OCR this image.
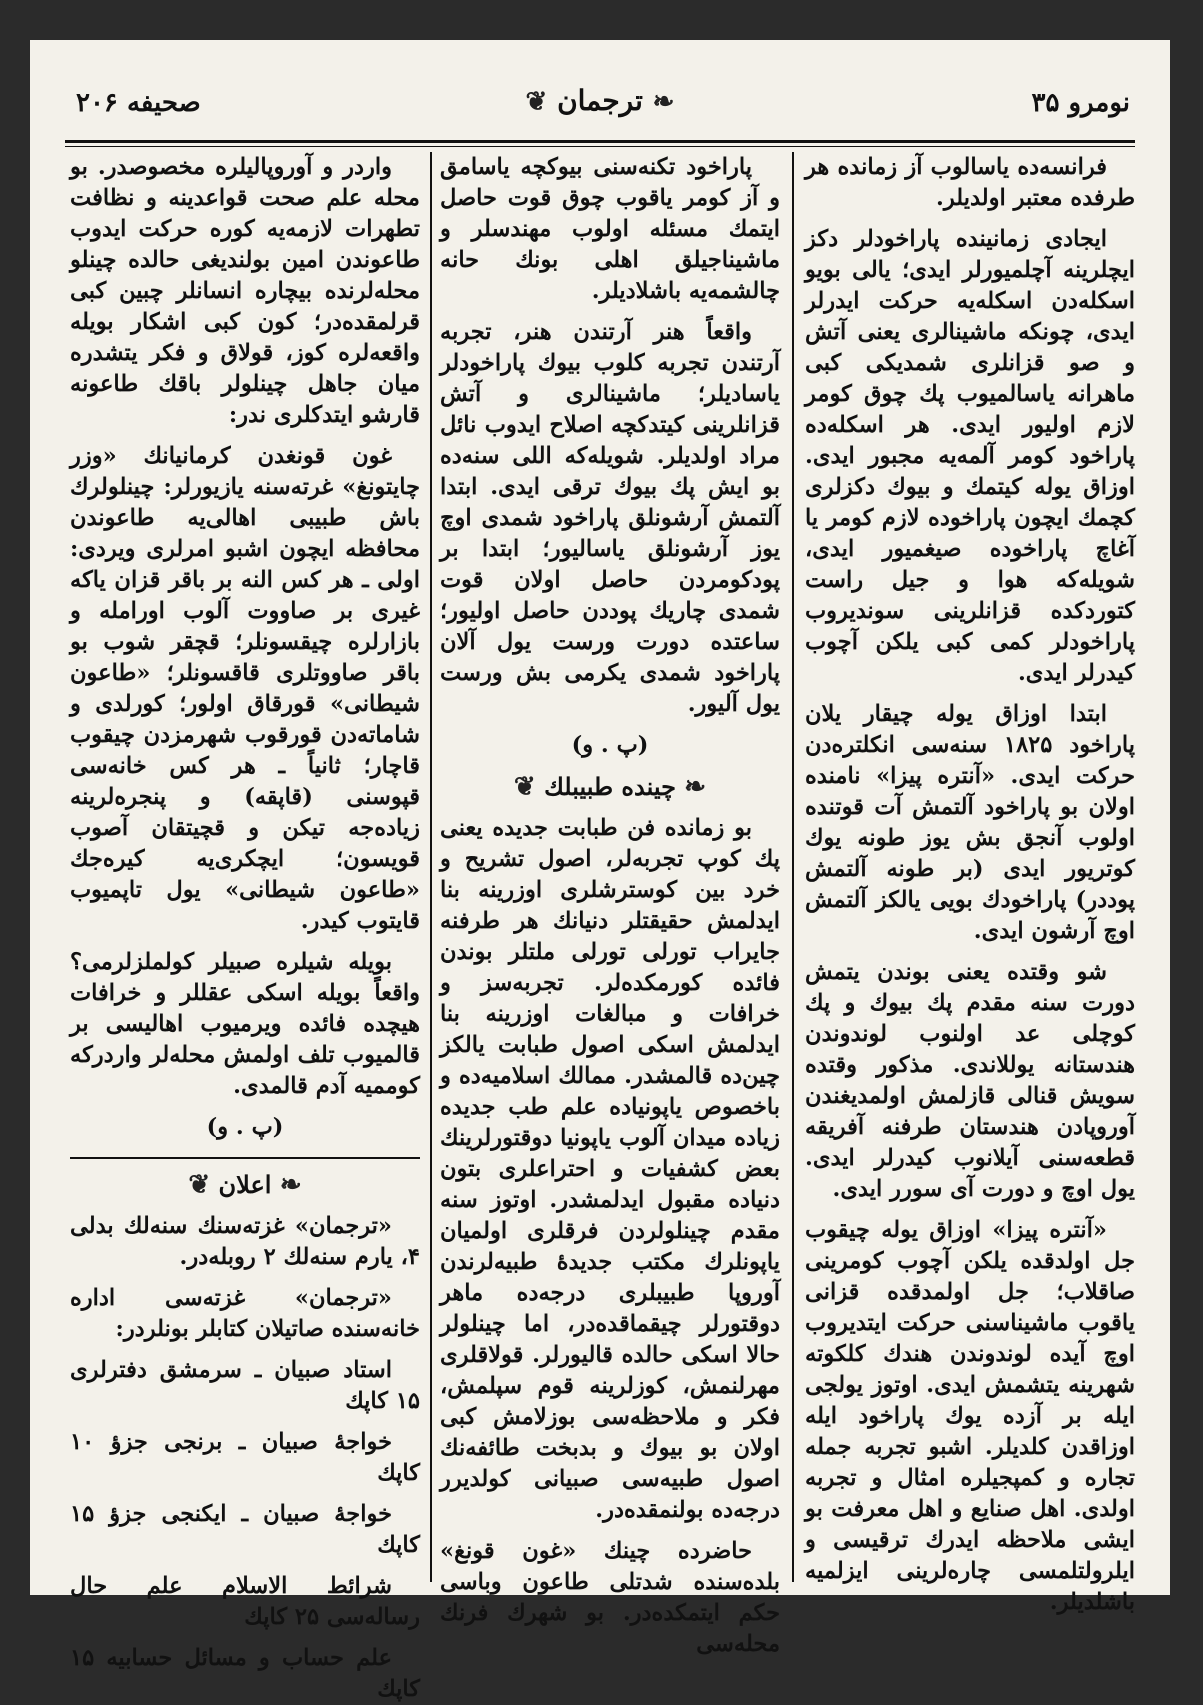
نومرو ۳۵
❧ ترجمان ❦
صحیفه ۲۰۶

فرانسه‌ده یاسالوب آز زمانده هر طرفده معتبر اولدیلر.

ایجادی زمانینده پاراخودلر دکز ایچلرینه آچلمیورلر ایدی؛ یالی بویو اسکله‌دن اسکله‌یه حرکت ایدرلر ایدی، چونکه ماشینالری یعنی آتش و صو قزانلری شمدیکی کبی ماهرانه یاسالمیوب پك چوق کومر لازم اولیور ایدی. هر اسکله‌ده پاراخود کومر آلمه‌یه مجبور ایدی. اوزاق یوله کیتمك و بیوك دکزلری کچمك ایچون پاراخوده لازم کومر یا آغاچ پاراخوده صیغمیور ایدی، شویله‌که هوا و جیل راست کتوردکده قزانلرینی سوندیروب پاراخودلر کمی کبی یلکن آچوب کیدرلر ایدی.

ابتدا اوزاق یوله چیقار یلان پاراخود ۱۸۲۵ سنه‌سی انکلتره‌دن حرکت ایدی. «آنتره پیزا» نامنده اولان بو پاراخود آلتمش آت قوتنده اولوب آنجق بش یوز طونه یوك کوتریور ایدی (بر طونه آلتمش پوددر) پاراخودك بویی یالکز آلتمش اوچ آرشون ایدی.

شو وقتده یعنی بوندن یتمش دورت سنه مقدم پك بیوك و پك کوچلی عد اولنوب لوندوندن هندستانه یوللاندی. مذکور وقتده سویش قنالی قازلمش اولمدیغندن آوروپادن هندستان طرفنه آفریقه قطعه‌سنی آیلانوب کیدرلر ایدی. یول اوچ و دورت آی سورر ایدی.

«آنتره پیزا» اوزاق یوله چیقوب جل اولدقده یلکن آچوب کومرینی صاقلاب؛ جل اولمدقده قزانی یاقوب ماشیناسنی حرکت ایتدیروب اوچ آیده لوندوندن هندك کلکوته شهرینه یتشمش ایدی. اوتوز یولجی ایله بر آزده یوك پاراخود ایله اوزاقدن کلدیلر. اشبو تجربه جمله تجاره و کمپجیلره امثال و تجربه اولدی. اهل صنایع و اهل معرفت بو ایشی ملاحظه ایدرك ترقیسی و ایلرولتلمسی چاره‌لرینی ایزلمیه باشلدیلر.

پاراخود تکنه‌سنی بیوکچه یاسامق و آز کومر یاقوب چوق قوت حاصل ایتمك مسئله اولوب مهندسلر و ماشیناجیلق اهلی بونك حانه چالشمه‌یه باشلادیلر.

واقعاً هنر آرتندن هنر، تجربه آرتندن تجربه کلوب بیوك پاراخودلر یاسادیلر؛ ماشینالری و آتش قزانلرینی کیتدکچه اصلاح ایدوب نائل مراد اولدیلر. شویله‌که اللی سنه‌ده بو ایش پك بیوك ترقی ایدی. ابتدا آلتمش آرشونلق پاراخود شمدی اوچ یوز آرشونلق یاسالیور؛ ابتدا بر پودکومردن حاصل اولان قوت شمدی چاریك پوددن حاصل اولیور؛ ساعتده دورت ورست یول آلان پاراخود شمدی یکرمی بش ورست یول آلیور.

(پ . و)
❧ چینده طبیبلك ❦

بو زمانده فن طبابت جدیده یعنی پك کوپ تجربه‌لر، اصول تشریح و خرد بین کوسترشلری اوزرینه بنا ایدلمش حقیقتلر دنیانك هر طرفنه جایراب تورلی تورلی ملتلر بوندن فائده کورمکده‌لر. تجربه‌سز و خرافات و مبالغات اوزرینه بنا ایدلمش اسکی اصول طبابت یالکز چین‌ده قالمشدر. ممالك اسلامیه‌ده و باخصوص یاپونیاده علم طب جدیده زیاده میدان آلوب یاپونیا دوقتورلرینك بعض کشفیات و احتراعلری بتون دنیاده مقبول ایدلمشدر. اوتوز سنه مقدم چینلولردن فرقلری اولمیان یاپونلرك مکتب جدیدهٔ طبیه‌لرندن آوروپا طبیبلری درجه‌ده ماهر دوقتورلر چیقماقده‌در، اما چینلولر حالا اسکی حالده قالیورلر. قولاقلری مهرلنمش، کوزلرینه قوم سپلمش، فکر و ملاحظه‌سی بوزلامش کبی اولان بو بیوك و بدبخت طائفه‌نك اصول طبیه‌سی صبیانی کولدیرر درجه‌ده بولنمقده‌در.

حاضرده چینك «غون قونغ» بلده‌سنده شدتلی طاعون وباسی حکم ایتمکده‌در. بو شهرك فرنك محله‌سی

واردر و آوروپالیلره مخصوصدر. بو محله علم صحت قواعدینه و نظافت تطهرات لازمه‌یه کوره حرکت ایدوب طاعوندن امین بولندیغی حالده چینلو محله‌لرنده بیچاره انسانلر چبین کبی قرلمقده‌در؛ کون کبی اشکار بویله واقعه‌لره کوز، قولاق و فکر یتشدره میان جاهل چینلولر باقك طاعونه قارشو ایتدکلری ندر:

غون قونغدن کرمانیانك «وزر چایتونغ» غرته‌سنه یازیورلر: چینلولرك باش طبیبی اهالی‌یه طاعوندن محافظه ایچون اشبو امرلری ویردی: اولی ـ هر کس النه بر باقر قزان یاکه غیری بر صاووت آلوب اورامله و بازارلره چیقسونلر؛ قچقر شوب بو باقر صاووتلری قاقسونلر؛ «طاعون شیطانی» قورقاق اولور؛ کورلدی و شاماته‌دن قورقوب شهرمزدن چیقوب قاچار؛ ثانیاً ـ هر کس خانه‌سی قپوسنی (قاپقه) و پنجره‌لرینه زیاده‌جه تیکن و قچیتقان آصوب قویسون؛ ایچکری‌یه کیره‌جك «طاعون شیطانی» یول تاپمیوب قایتوب کیدر.

بویله شیلره صبیلر کولملزلرمی؟ واقعاً بویله اسکی عقللر و خرافات هیچده فائده ویرمیوب اهالیسی بر قالمیوب تلف اولمش محله‌لر واردرکه کوممیه آدم قالمدی.

(پ . و)
❧ اعلان ❦

«ترجمان» غزته‌سنك سنه‌لك بدلی ۴، یارم سنه‌لك ۲ روبله‌در.

«ترجمان» غزته‌سی اداره خانه‌سنده صاتیلان کتابلر بونلردر:

استاد صبیان ـ سرمشق دفترلری ۱۵ کاپك

خواجهٔ صبیان ـ برنجی جزؤ ۱۰ کاپك

خواجهٔ صبیان ـ ایکنجی جزؤ ۱۵ کاپك

شرائط الاسلام علم حال رساله‌سی ۲۵ کاپك

علم حساب و مسائل حسابیه ۱۵ کاپك
